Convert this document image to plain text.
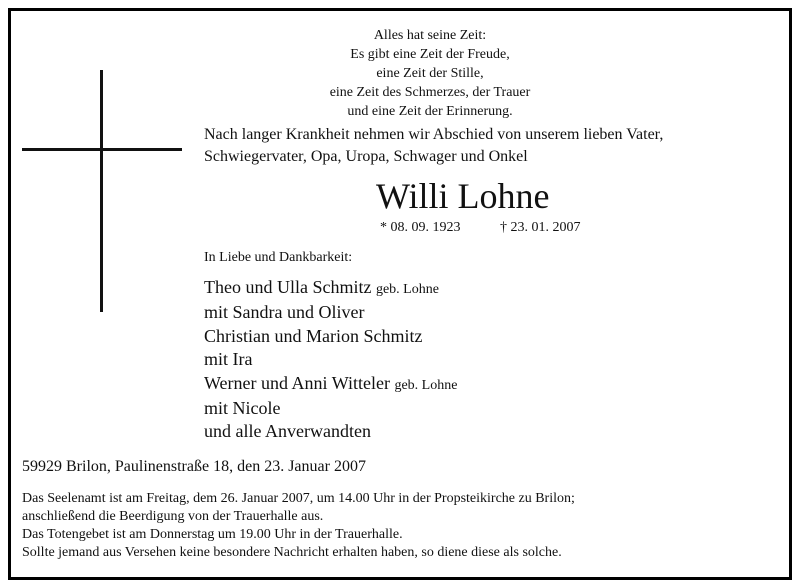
Alles hat seine Zeit:
Es gibt eine Zeit der Freude,
eine Zeit der Stille,
eine Zeit des Schmerzes, der Trauer
und eine Zeit der Erinnerung.
Nach langer Krankheit nehmen wir Abschied von unserem lieben Vater,
Schwiegervater, Opa, Uropa, Schwager und Onkel
Willi Lohne
* 08. 09. 1923	† 23. 01. 2007
In Liebe und Dankbarkeit:
Theo und Ulla Schmitz geb. Lohne
mit Sandra und Oliver
Christian und Marion Schmitz
mit Ira
Werner und Anni Witteler geb. Lohne
mit Nicole
und alle Anverwandten
59929 Brilon, Paulinenstraße 18, den 23. Januar 2007
Das Seelenamt ist am Freitag, dem 26. Januar 2007, um 14.00 Uhr in der Propsteikirche zu Brilon;
anschließend die Beerdigung von der Trauerhalle aus.
Das Totengebet ist am Donnerstag um 19.00 Uhr in der Trauerhalle.
Sollte jemand aus Versehen keine besondere Nachricht erhalten haben, so diene diese als solche.
